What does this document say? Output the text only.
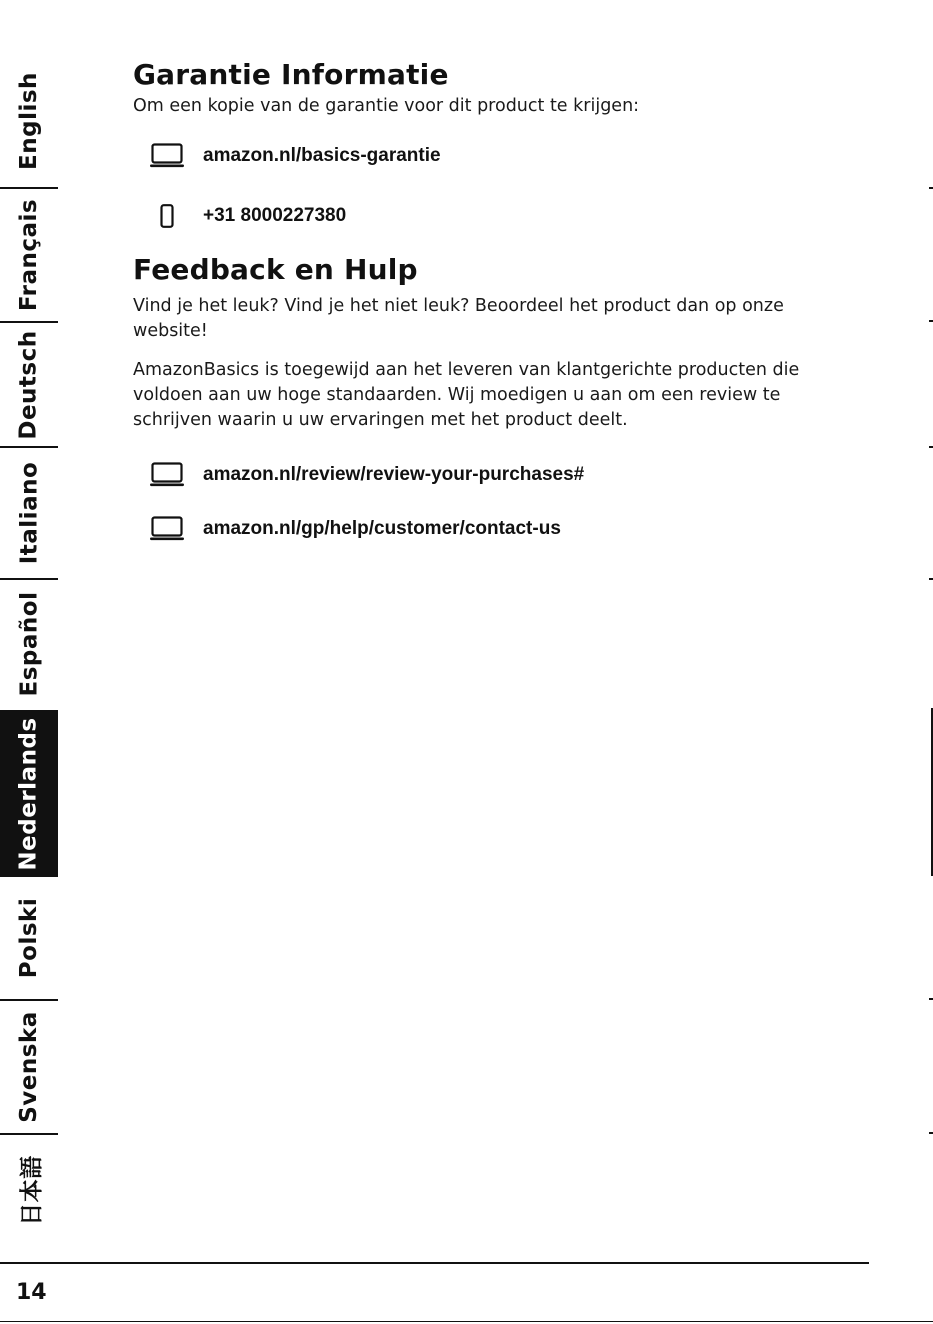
English
Français
Deutsch
Italiano
Español
Nederlands
Polski
Svenska
日本語
Garantie Informatie

Om een kopie van de garantie voor dit product te krijgen:

amazon.nl/basics-garantie
+31 8000227380
Feedback en Hulp

Vind je het leuk? Vind je het niet leuk? Beoordeel het product dan op onze website!

AmazonBasics is toegewijd aan het leveren van klantgerichte producten die voldoen aan uw hoge standaarden. Wij moedigen u aan om een review te schrijven waarin u uw ervaringen met het product deelt.

amazon.nl/review/review-your-purchases#
amazon.nl/gp/help/customer/contact-us
14
